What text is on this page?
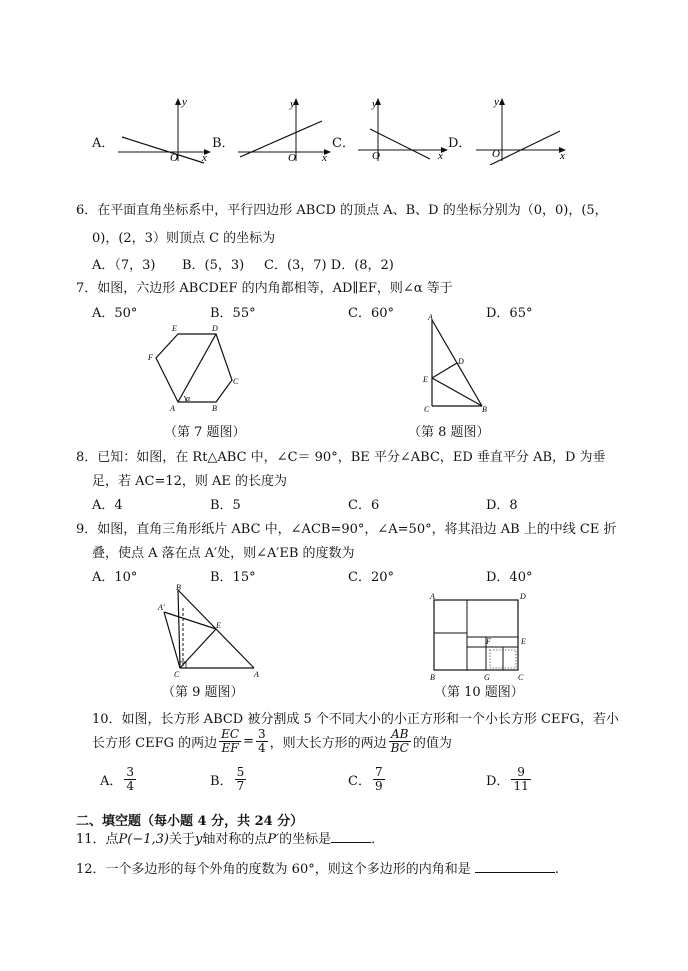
A．
O
y
x
B．
O
y
x
C．
O
y
x
D．
O
y
x
6．在平面直角坐标系中，平行四边形 ABCD 的顶点 A、B、D 的坐标分别为（0，0)，(5，
0)，(2，3）则顶点 C 的坐标为
A．（7，3) B．(5，3) C．(3，7) D．(8，2)
7．如图，六边形 ABCDEF 的内角都相等，AD∥EF，则∠α 等于
A．50°	B．55°	C．60°	D．65°
α
A	B
C
D
E
F
（第 7 题图）
A
D
E
C	B
（第 8 题图）
8．已知：如图，在 Rt△ABC 中，∠C＝ 90°，BE 平分∠ABC，ED 垂直平分 AB，D 为垂
足，若 AC=12，则 AE 的长度为
A．4	B．5	C．6	D．8
9．如图，直角三角形纸片 ABC 中，∠ACB=90°，∠A=50°，将其沿边 AB 上的中线 CE 折
叠，使点 A 落在点 A′处，则∠A′EB 的度数为
A．10°	B．15°	C．20°	D．40°
B
A′
E
C	A
（第 9 题图）
A	D
E
F
B	G	C
（第 10 题图）
10．如图，长方形 ABCD 被分割成 5 个不同大小的小正方形和一个小长方形 CEFG，若小
长方形 CEFG 的两边 $\frac{EC}{EF} = \frac{3}{4}$ ，则大长方形的两边 $\frac{AB}{BC}$ 的值为
A． $\frac{3}{4}$	B． $\frac{5}{7}$	C． $\frac{7}{9}$	D． $\frac{9}{11}$
二、填空题（每小题 4 分，共 24 分）
11．点P(−1,3)关于y轴对称的点P′的坐标是	．
12．一个多边形的每个外角的度数为 60°，则这个多边形的内角和是	.
